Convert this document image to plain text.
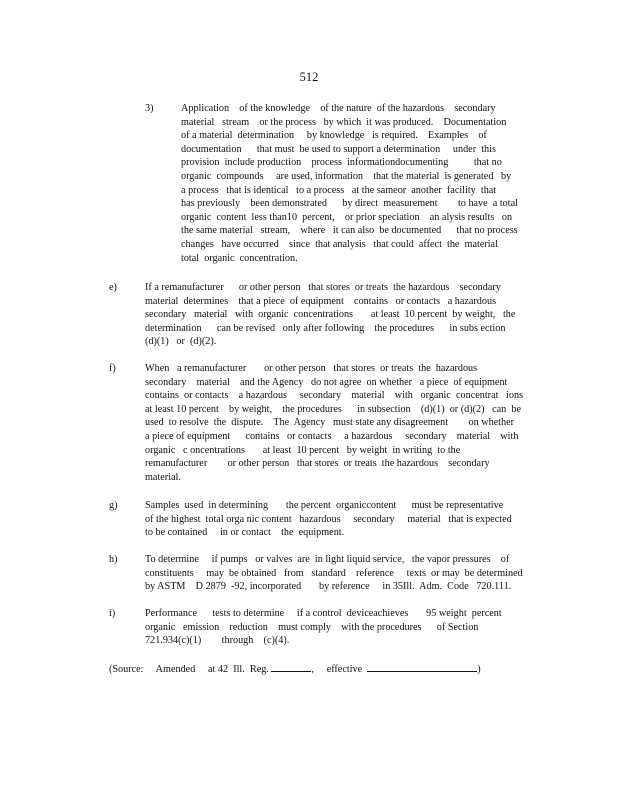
512
3)	Application    of the knowledge    of the nature  of the hazardous    secondary
material   stream    or the process   by which  it was produced.    Documentation
of a material  determination     by knowledge   is required.    Examples    of
documentation      that must  be used to support a determination     under  this
provision  include production    process  informationdocumenting          that no
organic  compounds     are used, information    that the material  is generated   by
a process   that is identical   to a process   at the sameor  another  facility  that
has previously    been demonstrated      by direct  measurement        to have  a total
organic  content  less than10  percent,    or prior speciation    an alysis results   on
the same material   stream,    where   it can also  be documented      that no process
changes   have occurred    since  that analysis   that could  affect  the  material
total  organic  concentration.
e)	If a remanufacturer      or other person   that stores  or treats  the hazardous    secondary
material  determines    that a piece  of equipment    contains   or contacts   a hazardous
secondary   material   with  organic  concentrations       at least  10 percent  by weight,   the
determination      can be revised   only after following    the procedures      in subs ection
(d)(1)   or  (d)(2).
f)	When   a remanufacturer       or other person   that stores  or treats  the  hazardous
secondary    material    and the Agency   do not agree  on whether   a piece  of equipment
contains  or contacts    a hazardous     secondary    material    with   organic  concentrat   ions
at least 10 percent    by weight,    the procedures      in subsection    (d)(1)  or (d)(2)   can  be
used  to resolve  the  dispute.    The  Agency   must state any disagreement        on whether
a piece of equipment      contains   or contacts     a hazardous     secondary    material    with
organic   c oncentrations       at least  10 percent   by weight  in writing  to the
remanufacturer        or other person   that stores  or treats  the hazardous    secondary
material.
g)	Samples  used  in determining       the percent  organiccontent      must be representative
of the highest  total orga nic content   hazardous     secondary     material   that is expected
to be contained     in or contact    the  equipment.
h)	To determine     if pumps   or valves  are  in light liquid service,   the vapor pressures    of
constituents     may  be obtained   from   standard    reference     texts  or may  be determined
by ASTM    D 2879  -92, incorporated       by reference     in 35Ill.  Adm.  Code   720.111.
i)	Performance      tests to determine     if a control  deviceachieves       95 weight  percent
organic   emission    reduction    must comply    with the procedures      of Section
721.934(c)(1)        through    (c)(4).
(Source:     Amended     at 42  Ill.  Reg.	,     effective	)
